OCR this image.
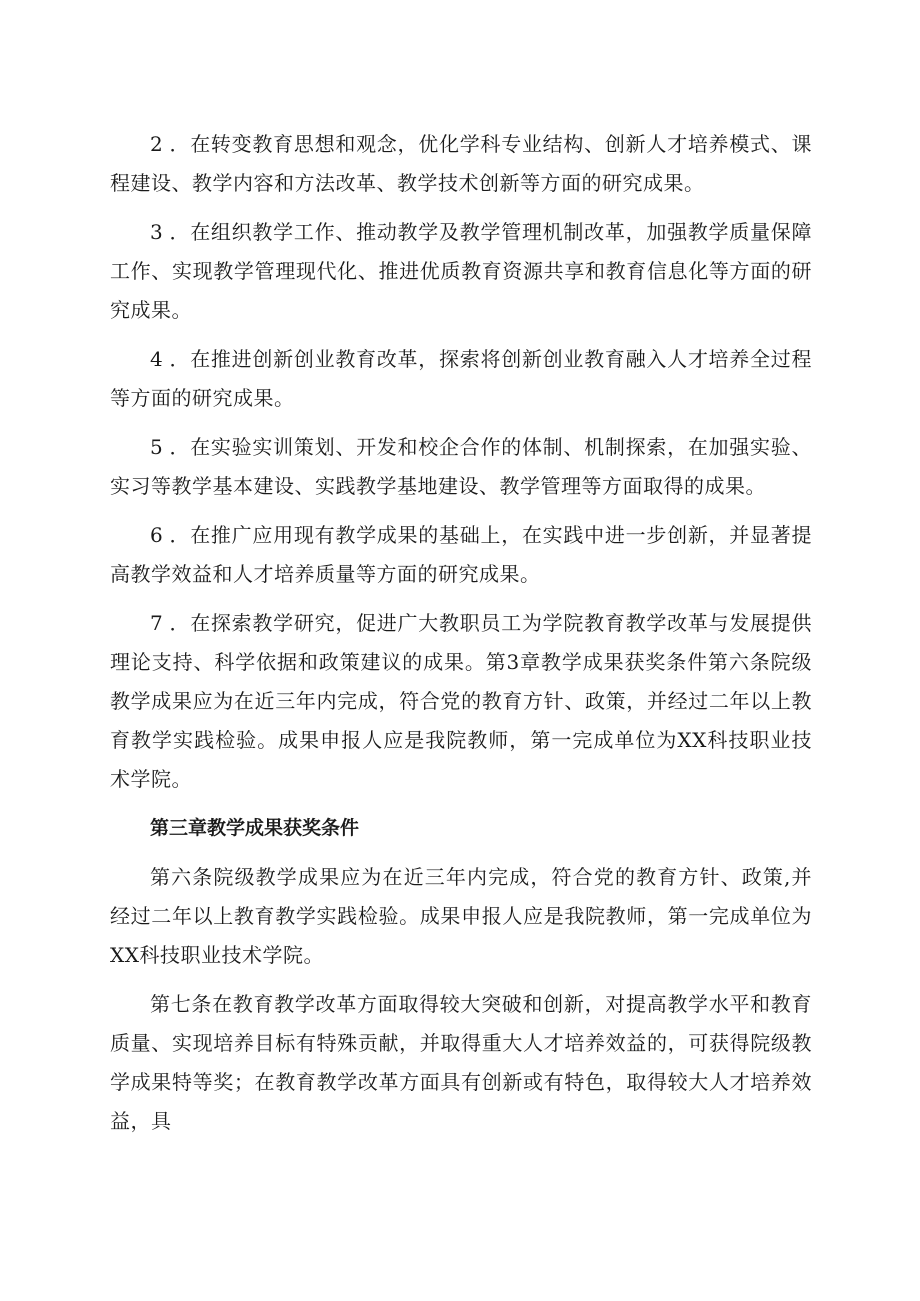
2 ．在转变教育思想和观念，优化学科专业结构、创新人才培养模式、课程建设、教学内容和方法改革、教学技术创新等方面的研究成果。

3 ．在组织教学工作、推动教学及教学管理机制改革，加强教学质量保障工作、实现教学管理现代化、推进优质教育资源共享和教育信息化等方面的研究成果。

4 ．在推进创新创业教育改革，探索将创新创业教育融入人才培养全过程等方面的研究成果。

5 ．在实验实训策划、开发和校企合作的体制、机制探索，在加强实验、实习等教学基本建设、实践教学基地建设、教学管理等方面取得的成果。

6 ．在推广应用现有教学成果的基础上，在实践中进一步创新，并显著提高教学效益和人才培养质量等方面的研究成果。

7 ．在探索教学研究，促进广大教职员工为学院教育教学改革与发展提供理论支持、科学依据和政策建议的成果。第3章教学成果获奖条件第六条院级教学成果应为在近三年内完成，符合党的教育方针、政策，并经过二年以上教育教学实践检验。成果申报人应是我院教师，第一完成单位为XX科技职业技术学院。

第三章教学成果获奖条件

第六条院级教学成果应为在近三年内完成，符合党的教育方针、政策,并经过二年以上教育教学实践检验。成果申报人应是我院教师，第一完成单位为XX科技职业技术学院。

第七条在教育教学改革方面取得较大突破和创新，对提高教学水平和教育质量、实现培养目标有特殊贡献，并取得重大人才培养效益的，可获得院级教学成果特等奖；在教育教学改革方面具有创新或有特色，取得较大人才培养效益，具
